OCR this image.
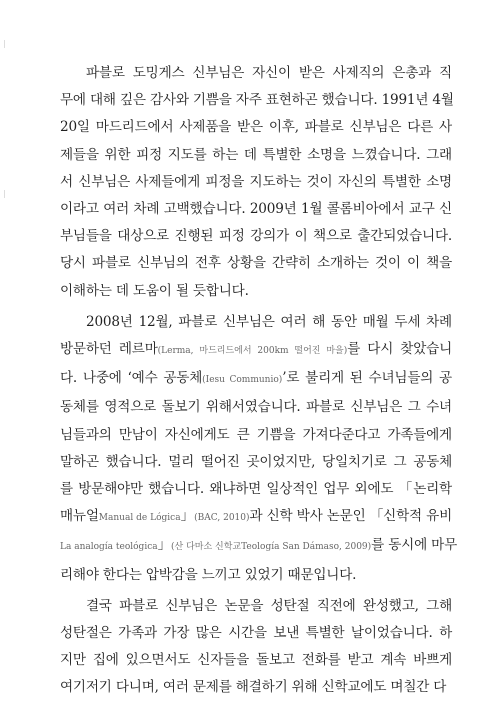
파블로 도밍게스 신부님은 자신이 받은 사제직의 은총과 직
무에 대해 깊은 감사와 기쁨을 자주 표현하곤 했습니다. 1991년 4월
20일 마드리드에서 사제품을 받은 이후, 파블로 신부님은 다른 사
제들을 위한 피정 지도를 하는 데 특별한 소명을 느꼈습니다. 그래
서 신부님은 사제들에게 피정을 지도하는 것이 자신의 특별한 소명
이라고 여러 차례 고백했습니다. 2009년 1월 콜롬비아에서 교구 신
부님들을 대상으로 진행된 피정 강의가 이 책으로 출간되었습니다.
당시 파블로 신부님의 전후 상황을 간략히 소개하는 것이 이 책을
이해하는 데 도움이 될 듯합니다.
2008년 12월, 파블로 신부님은 여러 해 동안 매월 두세 차례
방문하던 레르마(Lerma, 마드리드에서 200km 떨어진 마을)를 다시 찾았습니
다. 나중에 ‘예수 공동체(Iesu Communio)’로 불리게 된 수녀님들의 공
동체를 영적으로 돌보기 위해서였습니다. 파블로 신부님은 그 수녀
님들과의 만남이 자신에게도 큰 기쁨을 가져다준다고 가족들에게
말하곤 했습니다. 멀리 떨어진 곳이었지만, 당일치기로 그 공동체
를 방문해야만 했습니다. 왜냐하면 일상적인 업무 외에도 「논리학
매뉴얼Manual de Lógica」(BAC, 2010)과 신학 박사 논문인 「신학적 유비
La analogía teológica」(산 다마소 신학교Teología San Dámaso, 2009)를 동시에 마무
리해야 한다는 압박감을 느끼고 있었기 때문입니다.
결국 파블로 신부님은 논문을 성탄절 직전에 완성했고, 그해
성탄절은 가족과 가장 많은 시간을 보낸 특별한 날이었습니다. 하
지만 집에 있으면서도 신자들을 돌보고 전화를 받고 계속 바쁘게
여기저기 다니며, 여러 문제를 해결하기 위해 신학교에도 며칠간 다
